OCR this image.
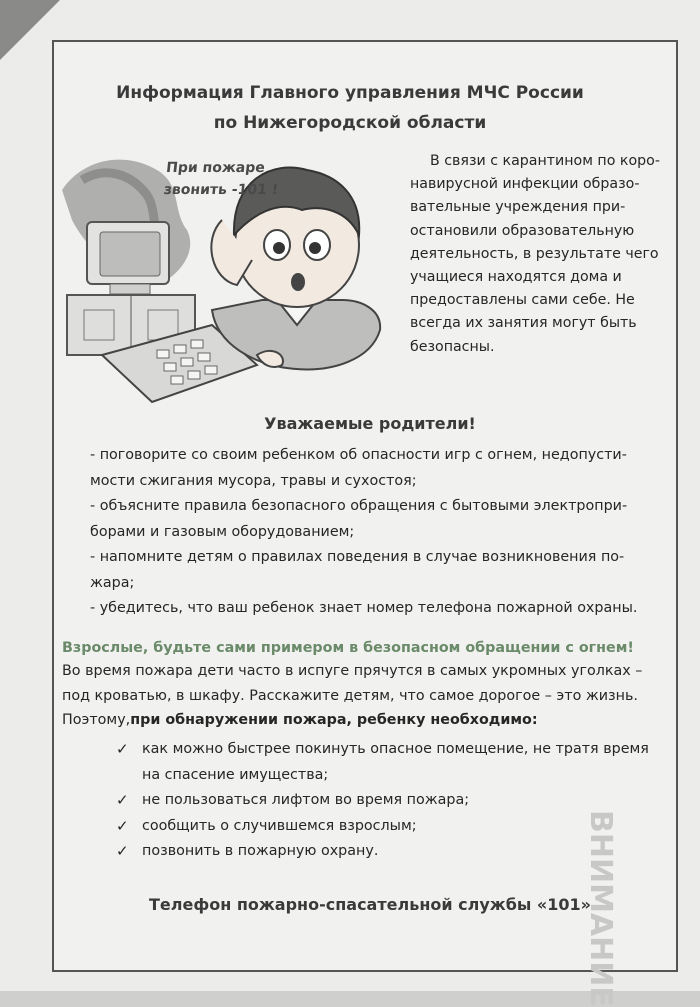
ВНИМАНИЕ
Информация Главного управления МЧС России
по Нижегородской области
При пожаре
звонить -101 !
В связи с карантином по коро-
навирусной инфекции образо-
вательные учреждения при-
остановили образовательную
деятельность, в результате чего
учащиеся находятся дома и
предоставлены сами себе. Не
всегда их занятия могут быть
безопасны.
Уважаемые родители!
- поговорите со своим ребенком об опасности игр с огнем, недопусти-
мости сжигания мусора, травы и сухостоя;
- объясните правила безопасного обращения с бытовыми электропри-
борами и газовым оборудованием;
- напомните детям о правилах поведения в случае возникновения по-
жара;
- убедитесь, что ваш ребенок знает номер телефона пожарной охраны.
Взрослые, будьте сами примером в безопасном обращении с огнем!
Во время пожара дети часто в испуге прячутся в самых укромных уголках –
под кроватью, в шкафу. Расскажите детям, что самое дорогое – это жизнь.
Поэтому, при обнаружении пожара, ребенку необходимо:
✓ как можно быстрее покинуть опасное помещение, не тратя время
на спасение имущества;
✓ не пользоваться лифтом во время пожара;
✓ сообщить о случившемся взрослым;
✓ позвонить в пожарную охрану.
Телефон пожарно-спасательной службы «101»
